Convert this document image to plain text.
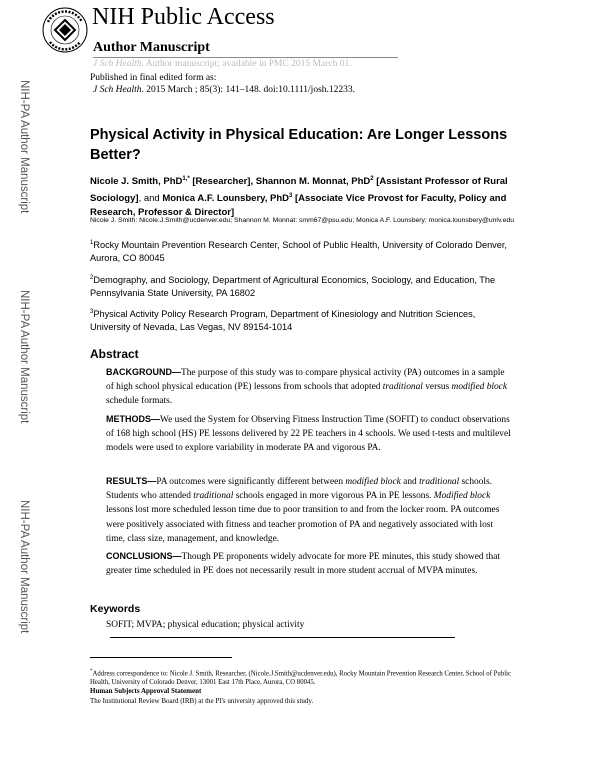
NIH-PA Author Manuscript
NIH-PA Author Manuscript
NIH-PA Author Manuscript
NIH Public Access
Author Manuscript
J Sch Health. Author manuscript; available in PMC 2015 March 01.
Published in final edited form as:
J Sch Health. 2015 March ; 85(3): 141–148. doi:10.1111/josh.12233.
Physical Activity in Physical Education: Are Longer Lessons Better?
Nicole J. Smith, PhD$^{1,*}$ [Researcher], Shannon M. Monnat, PhD$^2$ [Assistant Professor of Rural Sociology], and Monica A.F. Lounsbery, PhD$^3$ [Associate Vice Provost for Faculty, Policy and Research, Professor & Director]
Nicole J. Smith: Nicole.J.Smith@ucdenver.edu; Shannon M. Monnat: smm67@psu.edu; Monica A.F. Lounsbery: monica.lounsbery@unlv.edu
$^1$Rocky Mountain Prevention Research Center, School of Public Health, University of Colorado Denver, Aurora, CO 80045
$^2$Demography, and Sociology, Department of Agricultural Economics, Sociology, and Education, The Pennsylvania State University, PA 16802
$^3$Physical Activity Policy Research Program, Department of Kinesiology and Nutrition Sciences, University of Nevada, Las Vegas, NV 89154-1014
Abstract
BACKGROUND—The purpose of this study was to compare physical activity (PA) outcomes in a sample of high school physical education (PE) lessons from schools that adopted traditional versus modified block schedule formats.
METHODS—We used the System for Observing Fitness Instruction Time (SOFIT) to conduct observations of 168 high school (HS) PE lessons delivered by 22 PE teachers in 4 schools. We used t-tests and multilevel models were used to explore variability in moderate PA and vigorous PA.
RESULTS—PA outcomes were significantly different between modified block and traditional schools. Students who attended traditional schools engaged in more vigorous PA in PE lessons. Modified block lessons lost more scheduled lesson time due to poor transition to and from the locker room. PA outcomes were positively associated with fitness and teacher promotion of PA and negatively associated with lost time, class size, management, and knowledge.
CONCLUSIONS—Though PE proponents widely advocate for more PE minutes, this study showed that greater time scheduled in PE does not necessarily result in more student accrual of MVPA minutes.
Keywords
SOFIT; MVPA; physical education; physical activity
*Address correspondence to: Nicole J. Smith, Researcher, (Nicole.J.Smith@ucdenver.edu), Rocky Mountain Prevention Research Center, School of Public Health, University of Colorado Denver, 13001 East 17th Place, Aurora, CO 80045.
Human Subjects Approval Statement
The Institutional Review Board (IRB) at the PI's university approved this study.
